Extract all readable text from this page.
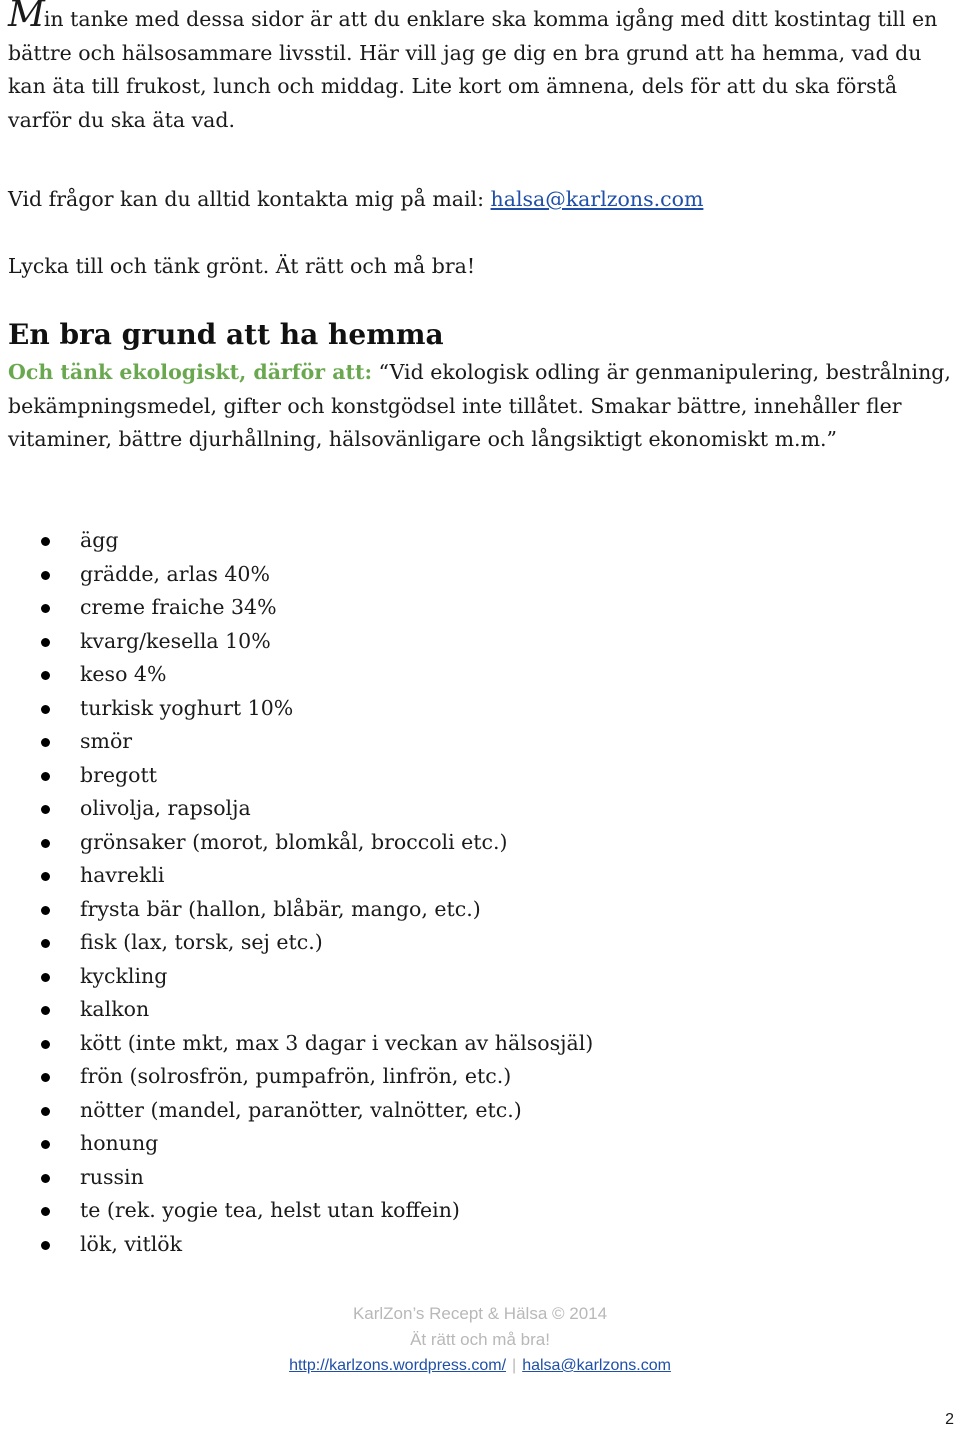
Min tanke med dessa sidor är att du enklare ska komma igång med ditt kostintag till en bättre och hälsosammare livsstil. Här vill jag ge dig en bra grund att ha hemma, vad du kan äta till frukost, lunch och middag. Lite kort om ämnena, dels för att du ska förstå varför du ska äta vad.

Vid frågor kan du alltid kontakta mig på mail: halsa@karlzons.com

Lycka till och tänk grönt. Ät rätt och må bra!

En bra grund att ha hemma

Och tänk ekologiskt, därför att: “Vid ekologisk odling är genmanipulering, bestrålning, bekämpningsmedel, gifter och konstgödsel inte tillåtet. Smakar bättre, innehåller fler vitaminer, bättre djurhållning, hälsovänligare och långsiktigt ekonomiskt m.m.”

ägg
grädde, arlas 40%
creme fraiche 34%
kvarg/kesella 10%
keso 4%
turkisk yoghurt 10%
smör
bregott
olivolja, rapsolja
grönsaker (morot, blomkål, broccoli etc.)
havrekli
frysta bär (hallon, blåbär, mango, etc.)
fisk (lax, torsk, sej etc.)
kyckling
kalkon
kött (inte mkt, max 3 dagar i veckan av hälsosjäl)
frön (solrosfrön, pumpafrön, linfrön, etc.)
nötter (mandel, paranötter, valnötter, etc.)
honung
russin
te (rek. yogie tea, helst utan koffein)
lök, vitlök
KarlZon’s Recept & Hälsa © 2014
Ät rätt och må bra!
http://karlzons.wordpress.com/ | halsa@karlzons.com
2
